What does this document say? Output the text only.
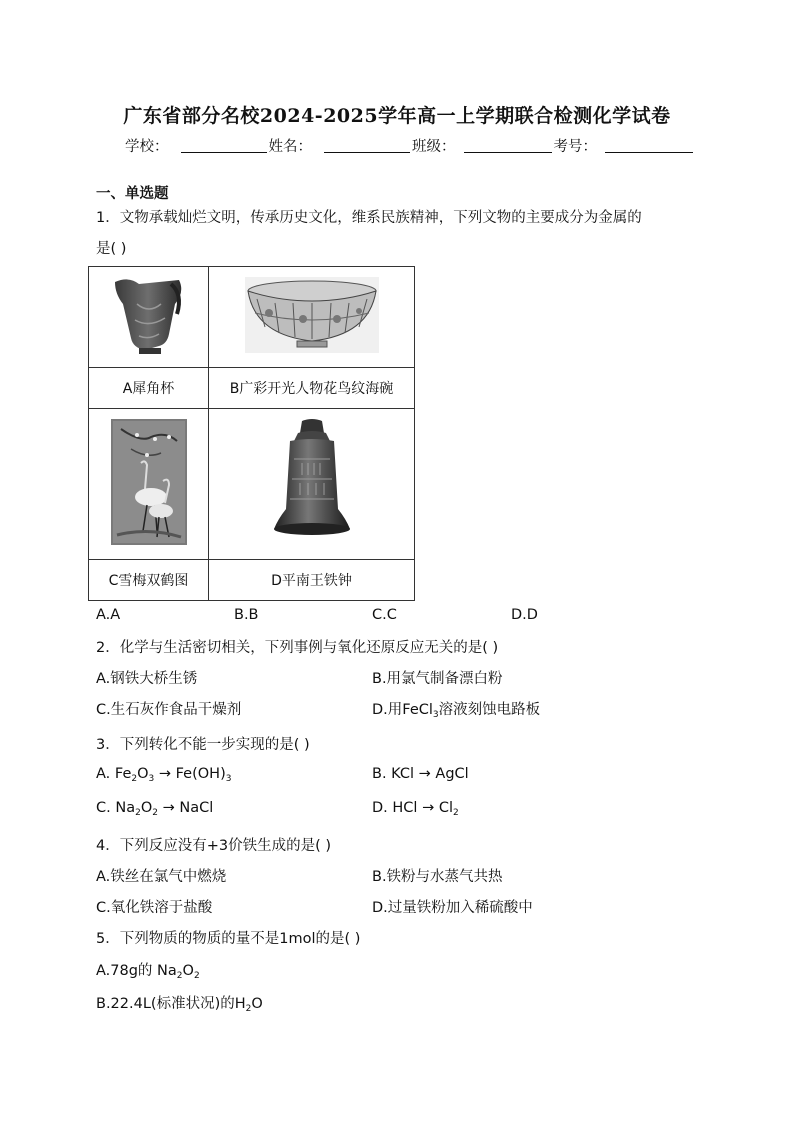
广东省部分名校2024-2025学年高一上学期联合检测化学试卷
学校：	姓名：	班级：	考号：
一、单选题
1．文物承载灿烂文明，传承历史文化，维系民族精神，下列文物的主要成分为金属的
是( )

A犀角杯	B广彩开光人物花鸟纹海碗

C雪梅双鹤图	D平南王铁钟
A.A	B.B	C.C	D.D
2．化学与生活密切相关，下列事例与氧化还原反应无关的是( )
A.钢铁大桥生锈	B.用氯气制备漂白粉
C.生石灰作食品干燥剂	D.用FeCl$_3$溶液刻蚀电路板
3．下列转化不能一步实现的是( )
A. $Fe_2O_3 \to Fe(OH)_3$	B. KCl → AgCl
C. $Na_2O_2$ → NaCl	D. HCl → $Cl_2$
4．下列反应没有+3价铁生成的是( )
A.铁丝在氯气中燃烧	B.铁粉与水蒸气共热
C.氧化铁溶于盐酸	D.过量铁粉加入稀硫酸中
5．下列物质的物质的量不是1mol的是( )
A.78g的 $Na_2O_2$
B.22.4L(标准状况)的$H_2O$
